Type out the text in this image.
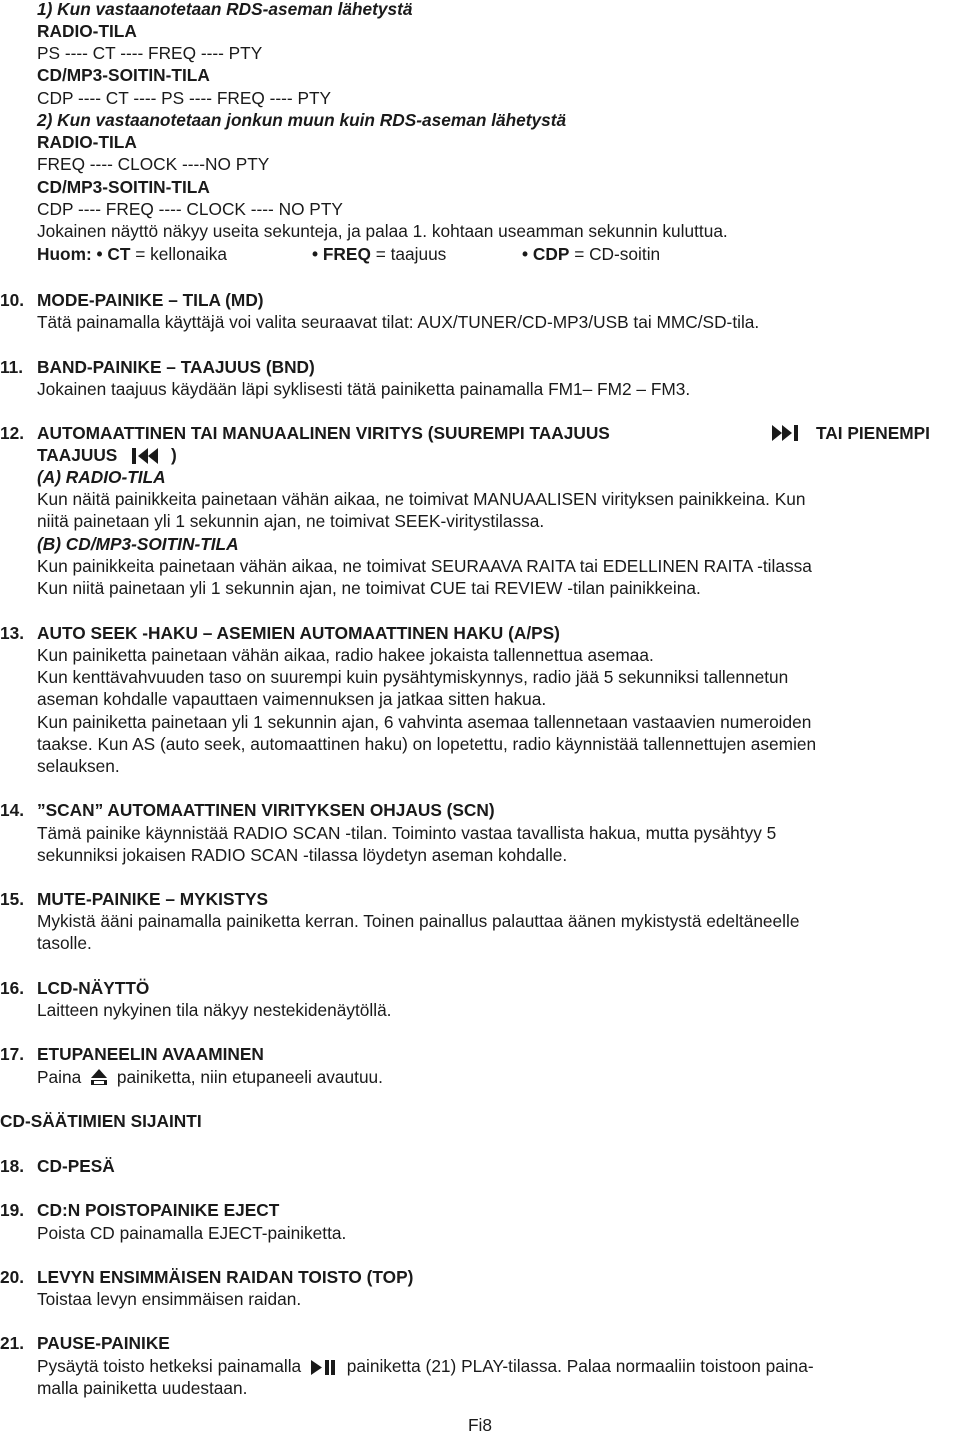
1) Kun vastaanotetaan RDS-aseman lähetystä
RADIO-TILA
PS ---- CT ---- FREQ ---- PTY
CD/MP3-SOITIN-TILA
CDP ---- CT ---- PS ---- FREQ ---- PTY
2) Kun vastaanotetaan jonkun muun kuin RDS-aseman lähetystä
RADIO-TILA
FREQ ---- CLOCK ----NO PTY
CD/MP3-SOITIN-TILA
CDP ---- FREQ ---- CLOCK ---- NO PTY
Jokainen näyttö näkyy useita sekunteja, ja palaa 1. kohtaan useamman sekunnin kuluttua.
Huom: • CT = kellonaika	• FREQ = taajuus	• CDP = CD-soitin
10. MODE-PAINIKE – TILA (MD)
Tätä painamalla käyttäjä voi valita seuraavat tilat: AUX/TUNER/CD-MP3/USB tai MMC/SD-tila.
11. BAND-PAINIKE – TAAJUUS (BND)
Jokainen taajuus käydään läpi syklisesti tätä painiketta painamalla FM1– FM2 – FM3.
12. AUTOMAATTINEN TAI MANUAALINEN VIRITYS (SUUREMPI TAAJUUS	TAI PIENEMPI
TAAJUUS	)
(A) RADIO-TILA
Kun näitä painikkeita painetaan vähän aikaa, ne toimivat MANUAALISEN virityksen painikkeina. Kun
niitä painetaan yli 1 sekunnin ajan, ne toimivat SEEK-viritystilassa.
(B) CD/MP3-SOITIN-TILA
Kun painikkeita painetaan vähän aikaa, ne toimivat SEURAAVA RAITA tai EDELLINEN RAITA -tilassa
Kun niitä painetaan yli 1 sekunnin ajan, ne toimivat CUE tai REVIEW -tilan painikkeina.
13. AUTO SEEK -HAKU – ASEMIEN AUTOMAATTINEN HAKU (A/PS)
Kun painiketta painetaan vähän aikaa, radio hakee jokaista tallennettua asemaa.
Kun kenttävahvuuden taso on suurempi kuin pysähtymiskynnys, radio jää 5 sekunniksi tallennetun
aseman kohdalle vapauttaen vaimennuksen ja jatkaa sitten hakua.
Kun painiketta painetaan yli 1 sekunnin ajan, 6 vahvinta asemaa tallennetaan vastaavien numeroiden
taakse. Kun AS (auto seek, automaattinen haku) on lopetettu, radio käynnistää tallennettujen asemien
selauksen.
14. ”SCAN” AUTOMAATTINEN VIRITYKSEN OHJAUS (SCN)
Tämä painike käynnistää RADIO SCAN -tilan. Toiminto vastaa tavallista hakua, mutta pysähtyy 5
sekunniksi jokaisen RADIO SCAN -tilassa löydetyn aseman kohdalle.
15. MUTE-PAINIKE – MYKISTYS
Mykistä ääni painamalla painiketta kerran. Toinen painallus palauttaa äänen mykistystä edeltäneelle
tasolle.
16. LCD-NÄYTTÖ
Laitteen nykyinen tila näkyy nestekidenäytöllä.
17. ETUPANEELIN AVAAMINEN
Paina painiketta, niin etupaneeli avautuu.
CD-SÄÄTIMIEN SIJAINTI
18. CD-PESÄ
19. CD:N POISTOPAINIKE EJECT
Poista CD painamalla EJECT-painiketta.
20. LEVYN ENSIMMÄISEN RAIDAN TOISTO (TOP)
Toistaa levyn ensimmäisen raidan.
21. PAUSE-PAINIKE
Pysäytä toisto hetkeksi painamalla	painiketta (21) PLAY-tilassa. Palaa normaaliin toistoon paina-
malla painiketta uudestaan.
Fi8
